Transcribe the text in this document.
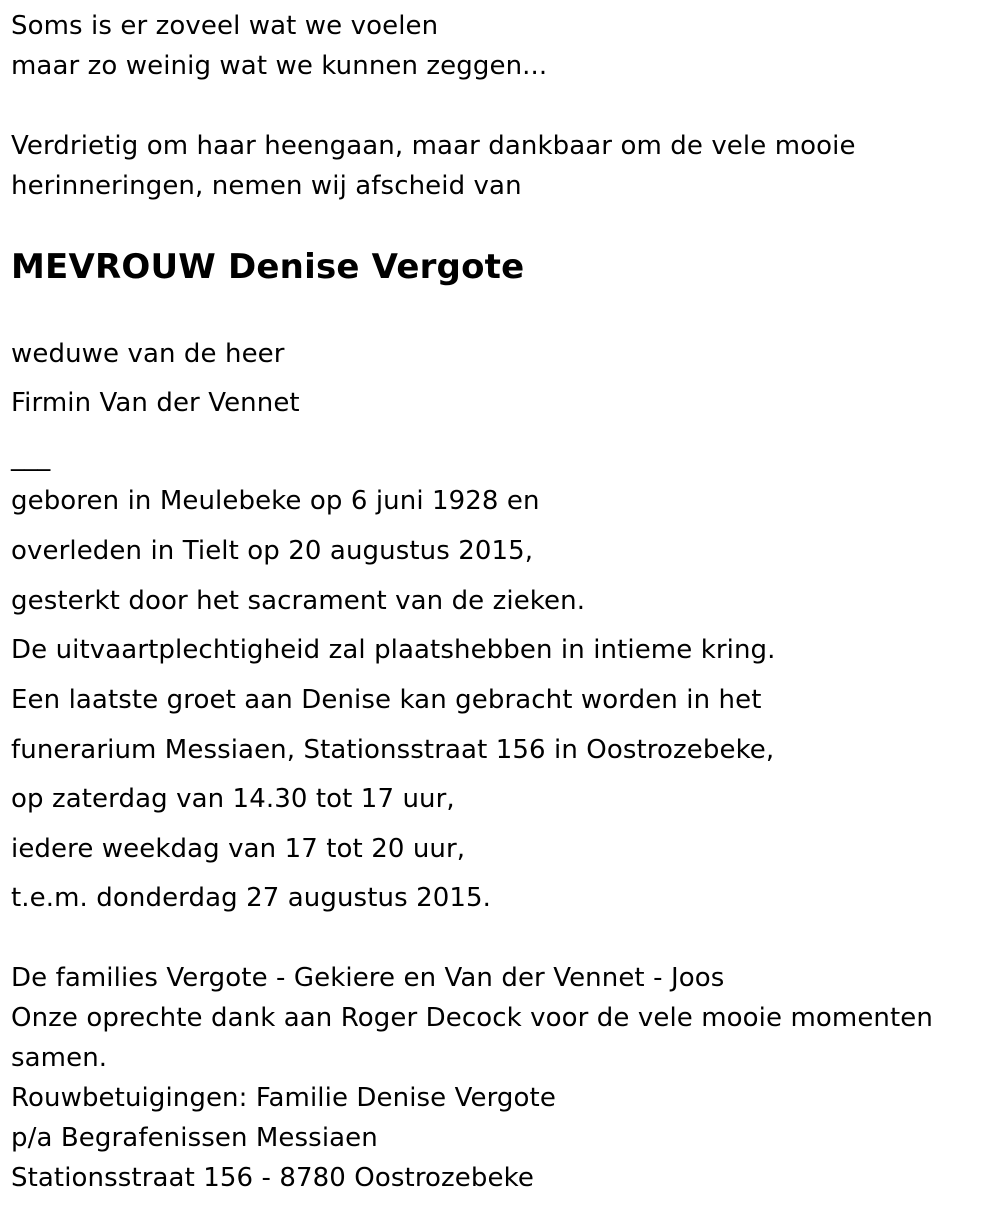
Soms is er zoveel wat we voelen
maar zo weinig wat we kunnen zeggen...
Verdrietig om haar heengaan, maar dankbaar om de vele mooie
herinneringen, nemen wij afscheid van
MEVROUW Denise Vergote
weduwe van de heer
Firmin Van der Vennet
___
geboren in Meulebeke op 6 juni 1928 en
overleden in Tielt op 20 augustus 2015,
gesterkt door het sacrament van de zieken.
De uitvaartplechtigheid zal plaatshebben in intieme kring.
Een laatste groet aan Denise kan gebracht worden in het
funerarium Messiaen, Stationsstraat 156 in Oostrozebeke,
op zaterdag van 14.30 tot 17 uur,
iedere weekdag van 17 tot 20 uur,
t.e.m. donderdag 27 augustus 2015.
De families Vergote - Gekiere en Van der Vennet - Joos
Onze oprechte dank aan Roger Decock voor de vele mooie momenten
samen.
Rouwbetuigingen: Familie Denise Vergote
p/a Begrafenissen Messiaen
Stationsstraat 156 - 8780 Oostrozebeke
